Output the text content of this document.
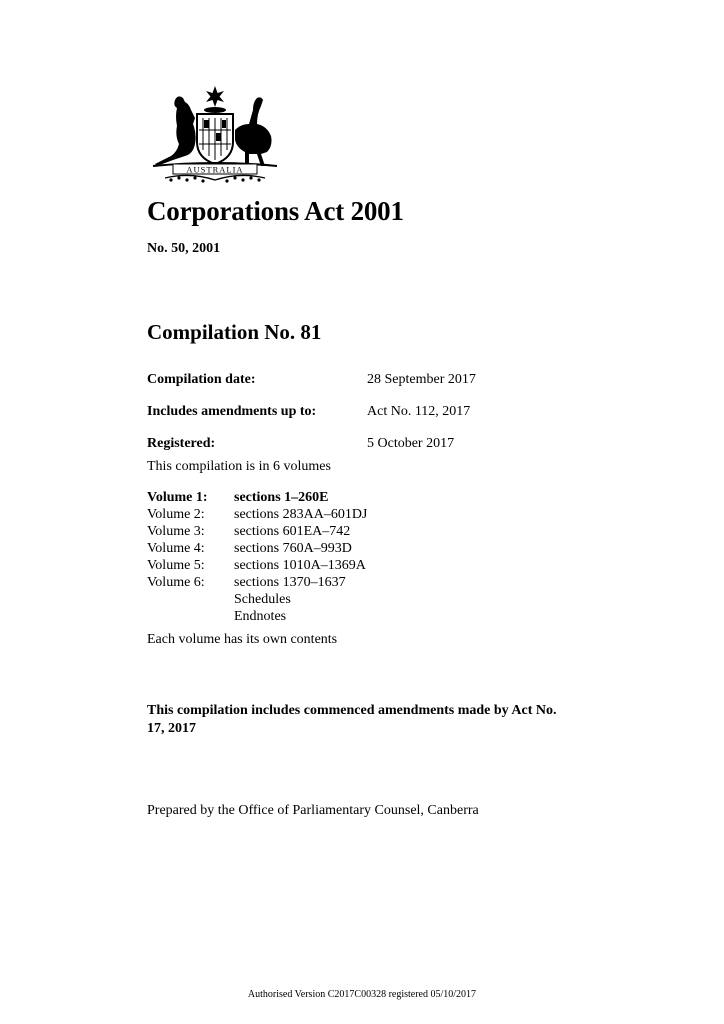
AUSTRALIA
Corporations Act 2001
No. 50, 2001
Compilation No. 81
Compilation date:	28 September 2017
Includes amendments up to:	Act No. 112, 2017
Registered:	5 October 2017
This compilation is in 6 volumes
Volume 1: sections 1–260E
Volume 2: sections 283AA–601DJ
Volume 3: sections 601EA–742
Volume 4: sections 760A–993D
Volume 5: sections 1010A–1369A
Volume 6: sections 1370–1637
Schedules
Endnotes
Each volume has its own contents
This compilation includes commenced amendments made by Act No. 17, 2017
Prepared by the Office of Parliamentary Counsel, Canberra
Authorised Version C2017C00328 registered 05/10/2017
